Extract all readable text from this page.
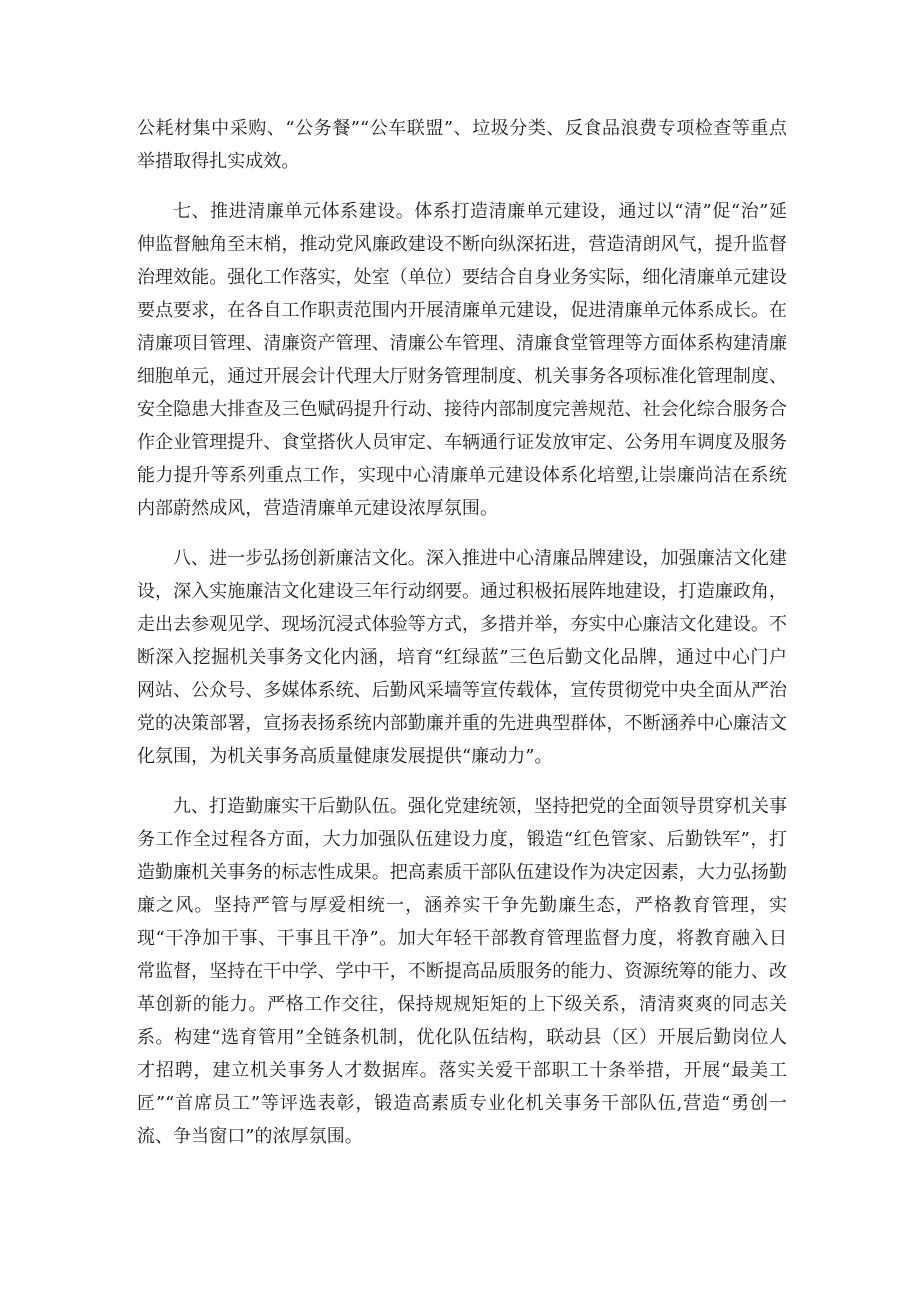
公耗材集中采购、“公务餐”“公车联盟”、垃圾分类、反食品浪费专项检查等重点举措取得扎实成效。

七、推进清廉单元体系建设。体系打造清廉单元建设，通过以“清”促“治”延伸监督触角至末梢，推动党风廉政建设不断向纵深拓进，营造清朗风气，提升监督治理效能。强化工作落实，处室（单位）要结合自身业务实际，细化清廉单元建设要点要求，在各自工作职责范围内开展清廉单元建设，促进清廉单元体系成长。在清廉项目管理、清廉资产管理、清廉公车管理、清廉食堂管理等方面体系构建清廉细胞单元，通过开展会计代理大厅财务管理制度、机关事务各项标准化管理制度、安全隐患大排查及三色赋码提升行动、接待内部制度完善规范、社会化综合服务合作企业管理提升、食堂搭伙人员审定、车辆通行证发放审定、公务用车调度及服务能力提升等系列重点工作，实现中心清廉单元建设体系化培塑,让崇廉尚洁在系统内部蔚然成风，营造清廉单元建设浓厚氛围。

八、进一步弘扬创新廉洁文化。深入推进中心清廉品牌建设，加强廉洁文化建设，深入实施廉洁文化建设三年行动纲要。通过积极拓展阵地建设，打造廉政角，走出去参观见学、现场沉浸式体验等方式，多措并举，夯实中心廉洁文化建设。不断深入挖掘机关事务文化内涵，培育“红绿蓝”三色后勤文化品牌，通过中心门户网站、公众号、多媒体系统、后勤风采墙等宣传载体，宣传贯彻党中央全面从严治党的决策部署，宣扬表扬系统内部勤廉并重的先进典型群体，不断涵养中心廉洁文化氛围，为机关事务高质量健康发展提供“廉动力”。

九、打造勤廉实干后勤队伍。强化党建统领，坚持把党的全面领导贯穿机关事务工作全过程各方面，大力加强队伍建设力度，锻造“红色管家、后勤铁军”，打造勤廉机关事务的标志性成果。把高素质干部队伍建设作为决定因素，大力弘扬勤廉之风。坚持严管与厚爱相统一，涵养实干争先勤廉生态，严格教育管理，实现“干净加干事、干事且干净”。加大年轻干部教育管理监督力度，将教育融入日常监督，坚持在干中学、学中干，不断提高品质服务的能力、资源统筹的能力、改革创新的能力。严格工作交往，保持规规矩矩的上下级关系，清清爽爽的同志关系。构建“选育管用”全链条机制，优化队伍结构，联动县（区）开展后勤岗位人才招聘，建立机关事务人才数据库。落实关爱干部职工十条举措，开展“最美工匠”“首席员工”等评选表彰，锻造高素质专业化机关事务干部队伍,营造“勇创一流、争当窗口”的浓厚氛围。
